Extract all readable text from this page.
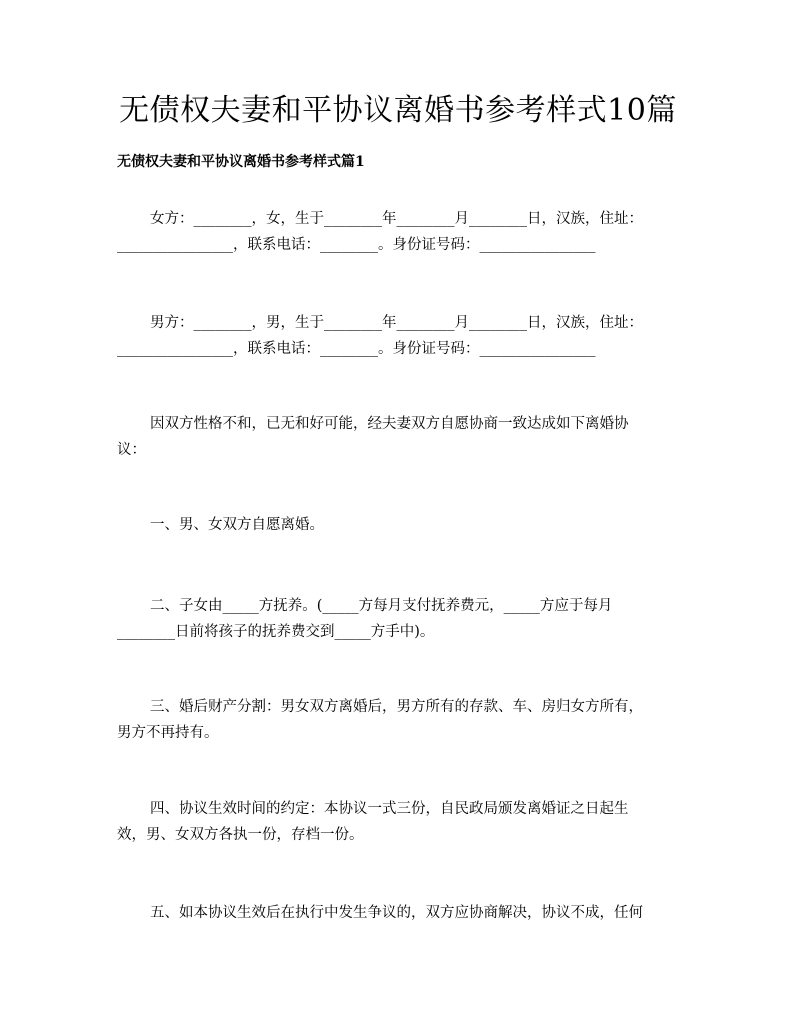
无债权夫妻和平协议离婚书参考样式10篇
无债权夫妻和平协议离婚书参考样式篇1
女方：________，女，生于________年________月________日，汉族，住址：
________________，联系电话：________。身份证号码：________________
男方：________，男，生于________年________月________日，汉族，住址：
________________，联系电话：________。身份证号码：________________
因双方性格不和，已无和好可能，经夫妻双方自愿协商一致达成如下离婚协
议：
一、男、女双方自愿离婚。
二、子女由_____方抚养。(_____方每月支付抚养费元，_____方应于每月
________日前将孩子的抚养费交到_____方手中)。
三、婚后财产分割：男女双方离婚后，男方所有的存款、车、房归女方所有，
男方不再持有。
四、协议生效时间的约定：本协议一式三份，自民政局颁发离婚证之日起生
效，男、女双方各执一份，存档一份。
五、如本协议生效后在执行中发生争议的，双方应协商解决，协议不成，任何
